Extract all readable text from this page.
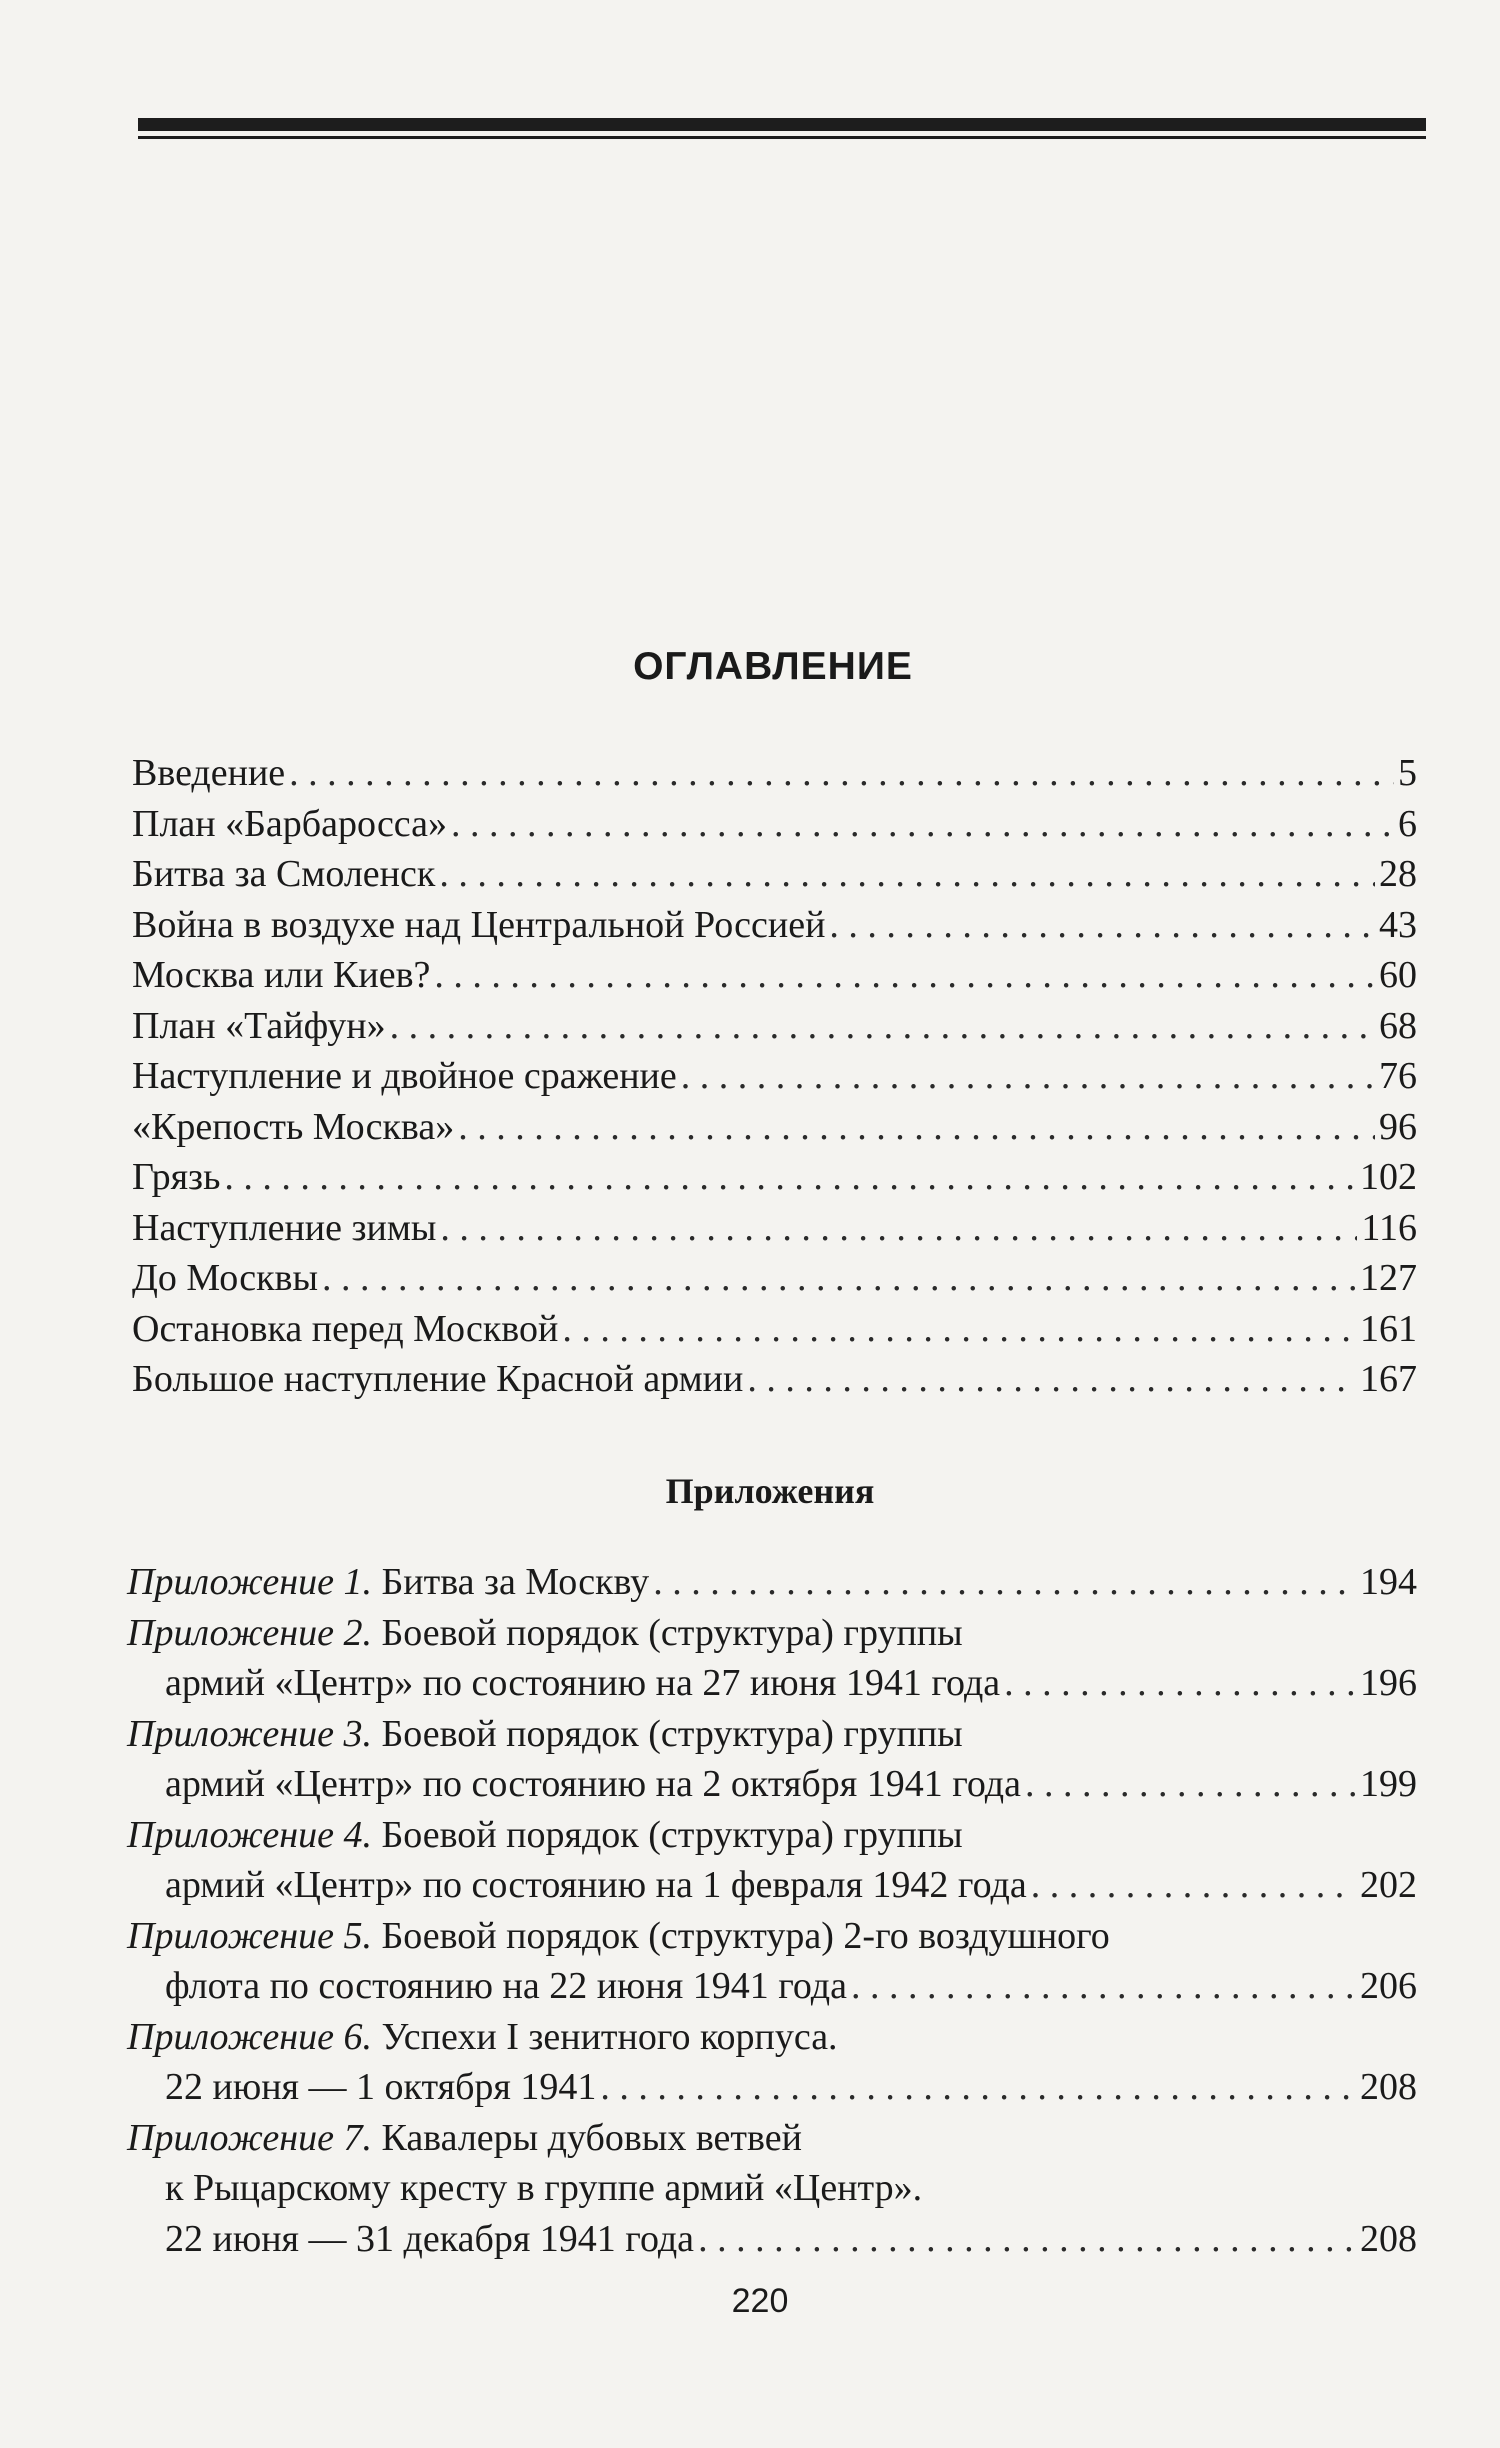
ОГЛАВЛЕНИЕ
Введение . . .	5
План «Барбаросса» . . .	6
Битва за Смоленск . . .	28
Война в воздухе над Центральной Россией . . .	43
Москва или Киев? . . .	60
План «Тайфун» . . .	68
Наступление и двойное сражение . . .	76
«Крепость Москва» . . .	96
Грязь . . .	102
Наступление зимы . . .	116
До Москвы . . .	127
Остановка перед Москвой . . .	161
Большое наступление Красной армии . . .	167
Приложения
Приложение 1. Битва за Москву . . .	194
Приложение 2. Боевой порядок (структура) группы
армий «Центр» по состоянию на 27 июня 1941 года . . .	196
Приложение 3. Боевой порядок (структура) группы
армий «Центр» по состоянию на 2 октября 1941 года . . .	199
Приложение 4. Боевой порядок (структура) группы
армий «Центр» по состоянию на 1 февраля 1942 года . . .	202
Приложение 5. Боевой порядок (структура) 2-го воздушного
флота по состоянию на 22 июня 1941 года . . .	206
Приложение 6. Успехи I зенитного корпуса.
22 июня — 1 октября 1941 . . .	208
Приложение 7. Кавалеры дубовых ветвей
к Рыцарскому кресту в группе армий «Центр».
22 июня — 31 декабря 1941 года . . .	208
220
